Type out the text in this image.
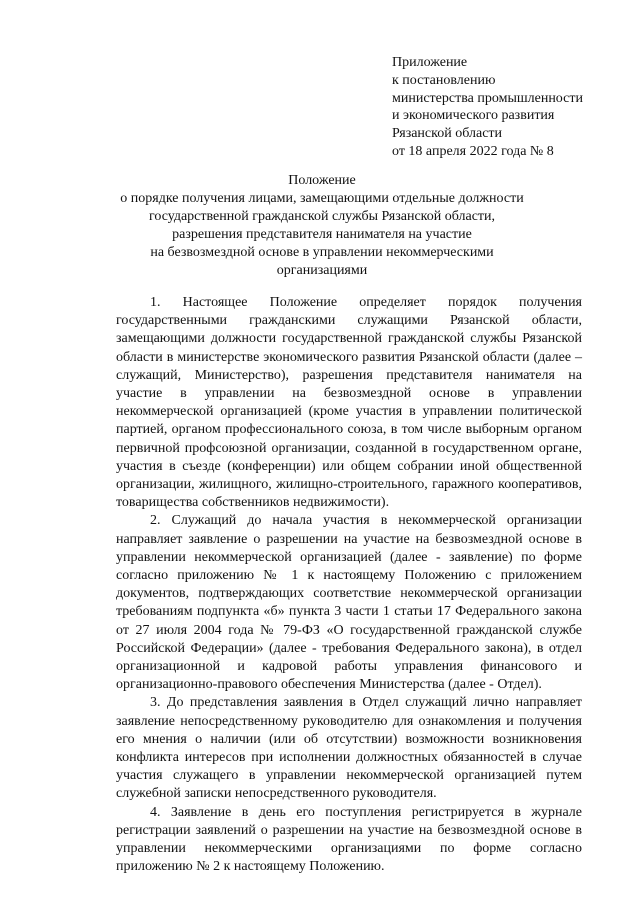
Приложение
к постановлению
министерства промышленности
и экономического развития
Рязанской области
от 18 апреля 2022 года № 8
Положение
о порядке получения лицами, замещающими отдельные должности
государственной гражданской службы Рязанской области,
разрешения представителя нанимателя на участие
на безвозмездной основе в управлении некоммерческими
организациями

1. Настоящее Положение определяет порядок получения государственными гражданскими служащими Рязанской области, замещающими должности государственной гражданской службы Рязанской области в министерстве экономического развития Рязанской области (далее – служащий, Министерство), разрешения представителя нанимателя на участие в управлении на безвозмездной основе в управлении некоммерческой организацией (кроме участия в управлении политической партией, органом профессионального союза, в том числе выборным органом первичной профсоюзной организации, созданной в государственном органе, участия в съезде (конференции) или общем собрании иной общественной организации, жилищного, жилищно-строительного, гаражного кооперативов, товарищества собственников недвижимости).

2. Служащий до начала участия в некоммерческой организации направляет заявление о разрешении на участие на безвозмездной основе в управлении некоммерческой организацией (далее - заявление) по форме согласно приложению № 1 к настоящему Положению с приложением документов, подтверждающих соответствие некоммерческой организации требованиям подпункта «б» пункта 3 части 1 статьи 17 Федерального закона от 27 июля 2004 года № 79-ФЗ «О государственной гражданской службе Российской Федерации» (далее - требования Федерального закона), в отдел организационной и кадровой работы управления финансового и организационно-правового обеспечения Министерства (далее - Отдел).

3. До представления заявления в Отдел служащий лично направляет заявление непосредственному руководителю для ознакомления и получения его мнения о наличии (или об отсутствии) возможности возникновения конфликта интересов при исполнении должностных обязанностей в случае участия служащего в управлении некоммерческой организацией путем служебной записки непосредственного руководителя.

4. Заявление в день его поступления регистрируется в журнале регистрации заявлений о разрешении на участие на безвозмездной основе в управлении некоммерческими организациями по форме согласно приложению № 2 к настоящему Положению.
